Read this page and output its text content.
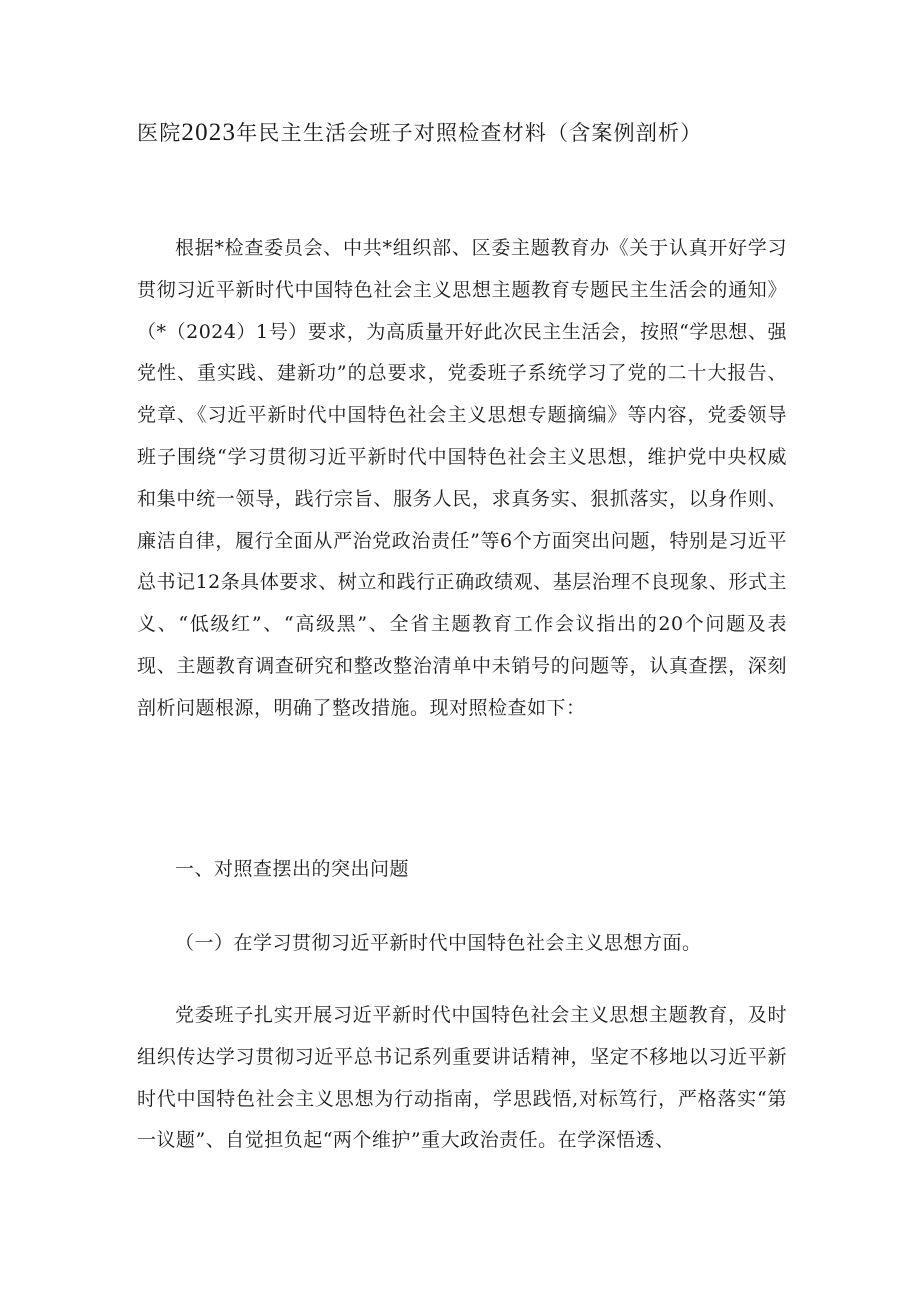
医院2023年民主生活会班子对照检查材料（含案例剖析）

根据*检查委员会、中共*组织部、区委主题教育办《关于认真开好学习贯彻习近平新时代中国特色社会主义思想主题教育专题民主生活会的通知》（*（2024）1号）要求，为高质量开好此次民主生活会，按照“学思想、强党性、重实践、建新功”的总要求，党委班子系统学习了党的二十大报告、党章、《习近平新时代中国特色社会主义思想专题摘编》等内容，党委领导班子围绕“学习贯彻习近平新时代中国特色社会主义思想，维护党中央权威和集中统一领导，践行宗旨、服务人民，求真务实、狠抓落实，以身作则、廉洁自律，履行全面从严治党政治责任”等6个方面突出问题，特别是习近平总书记12条具体要求、树立和践行正确政绩观、基层治理不良现象、形式主义、“低级红”、“高级黑”、全省主题教育工作会议指出的20个问题及表现、主题教育调查研究和整改整治清单中未销号的问题等，认真查摆，深刻剖析问题根源，明确了整改措施。现对照检查如下：

一、对照查摆出的突出问题

（一）在学习贯彻习近平新时代中国特色社会主义思想方面。

党委班子扎实开展习近平新时代中国特色社会主义思想主题教育，及时组织传达学习贯彻习近平总书记系列重要讲话精神，坚定不移地以习近平新时代中国特色社会主义思想为行动指南，学思践悟,对标笃行，严格落实“第一议题”、自觉担负起“两个维护”重大政治责任。在学深悟透、
